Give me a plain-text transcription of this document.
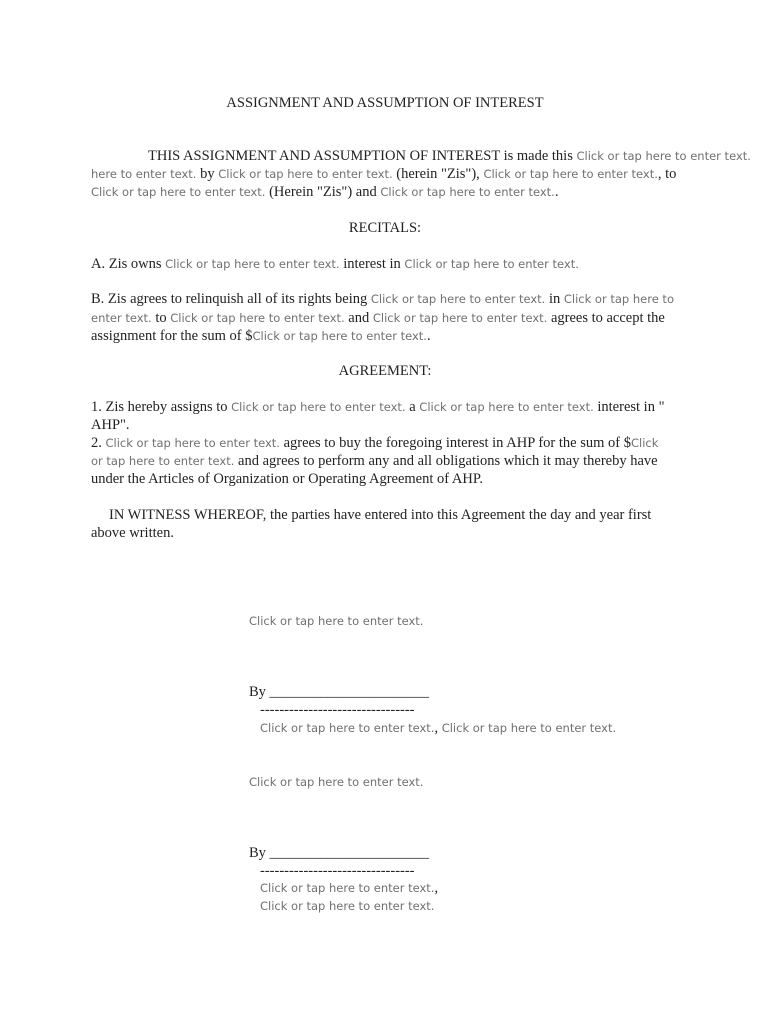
ASSIGNMENT AND ASSUMPTION OF INTEREST
THIS ASSIGNMENT AND ASSUMPTION OF INTEREST is made this Click or tap here to enter text.
here to enter text. by Click or tap here to enter text. (herein "Zis"), Click or tap here to enter text., to
Click or tap here to enter text. (Herein "Zis") and Click or tap here to enter text..
RECITALS:
A. Zis owns Click or tap here to enter text. interest in Click or tap here to enter text.
B. Zis agrees to relinquish all of its rights being Click or tap here to enter text. in Click or tap here to
enter text. to Click or tap here to enter text. and Click or tap here to enter text. agrees to accept the
assignment for the sum of $Click or tap here to enter text..
AGREEMENT:
1. Zis hereby assigns to Click or tap here to enter text. a Click or tap here to enter text. interest in "
AHP".
2. Click or tap here to enter text. agrees to buy the foregoing interest in AHP for the sum of $Click
or tap here to enter text. and agrees to perform any and all obligations which it may thereby have
under the Articles of Organization or Operating Agreement of AHP.
IN WITNESS WHEREOF, the parties have entered into this Agreement the day and year first
above written.
Click or tap here to enter text.
By ______________________
--------------------------------
Click or tap here to enter text., Click or tap here to enter text.
Click or tap here to enter text.
By ______________________
--------------------------------
Click or tap here to enter text.,
Click or tap here to enter text.
